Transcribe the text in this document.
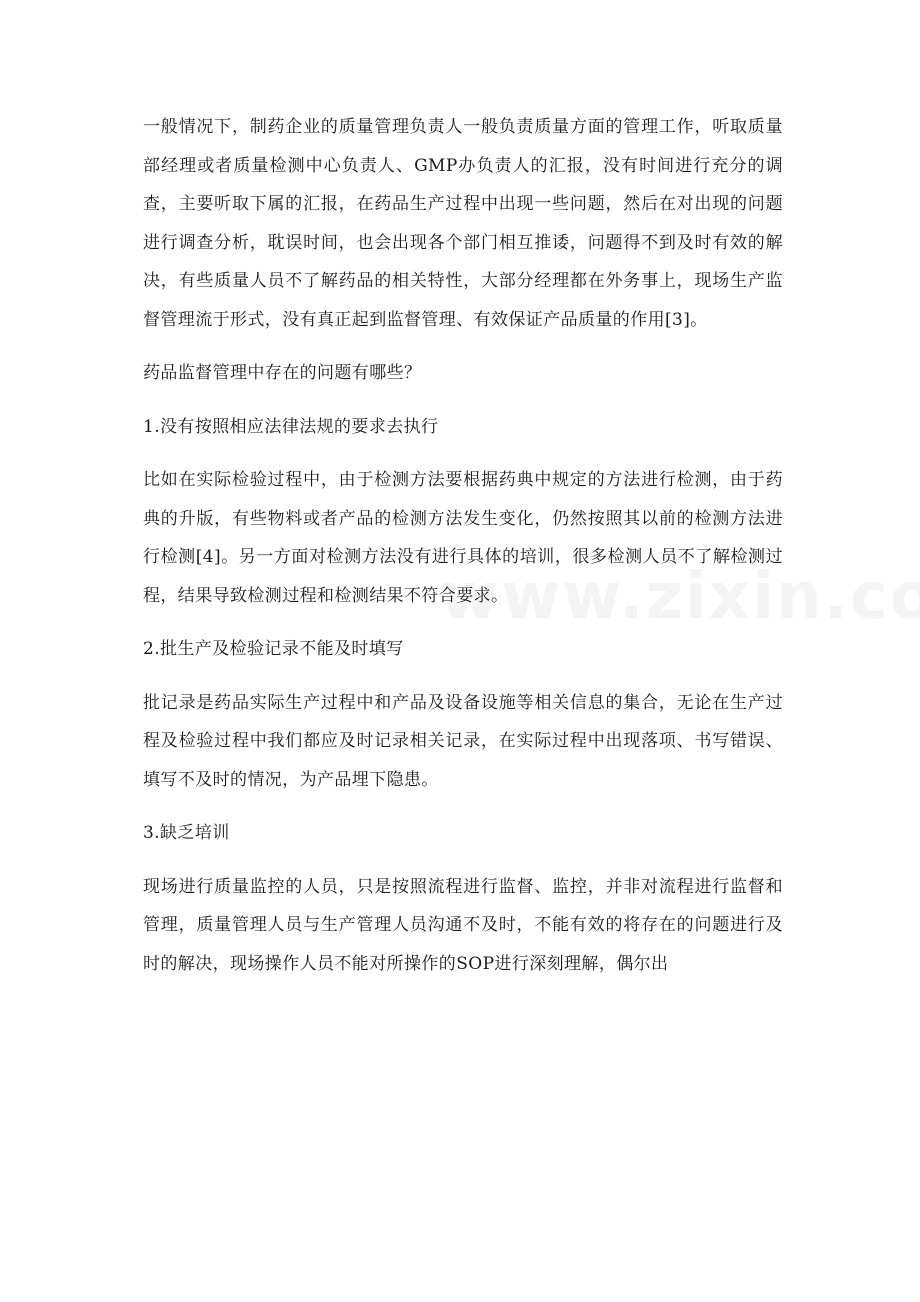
一般情况下，制药企业的质量管理负责人一般负责质量方面的管理工作，听取质量部经理或者质量检测中心负责人、GMP办负责人的汇报，没有时间进行充分的调查，主要听取下属的汇报，在药品生产过程中出现一些问题，然后在对出现的问题进行调查分析，耽误时间，也会出现各个部门相互推诿，问题得不到及时有效的解决，有些质量人员不了解药品的相关特性，大部分经理都在外务事上，现场生产监督管理流于形式，没有真正起到监督管理、有效保证产品质量的作用[3]。

药品监督管理中存在的问题有哪些？

1.没有按照相应法律法规的要求去执行

比如在实际检验过程中，由于检测方法要根据药典中规定的方法进行检测，由于药典的升版，有些物料或者产品的检测方法发生变化，仍然按照其以前的检测方法进行检测[4]。另一方面对检测方法没有进行具体的培训，很多检测人员不了解检测过程，结果导致检测过程和检测结果不符合要求。

2.批生产及检验记录不能及时填写

批记录是药品实际生产过程中和产品及设备设施等相关信息的集合，无论在生产过程及检验过程中我们都应及时记录相关记录，在实际过程中出现落项、书写错误、填写不及时的情况，为产品埋下隐患。

3.缺乏培训

现场进行质量监控的人员，只是按照流程进行监督、监控，并非对流程进行监督和管理，质量管理人员与生产管理人员沟通不及时，不能有效的将存在的问题进行及时的解决，现场操作人员不能对所操作的SOP进行深刻理解，偶尔出
